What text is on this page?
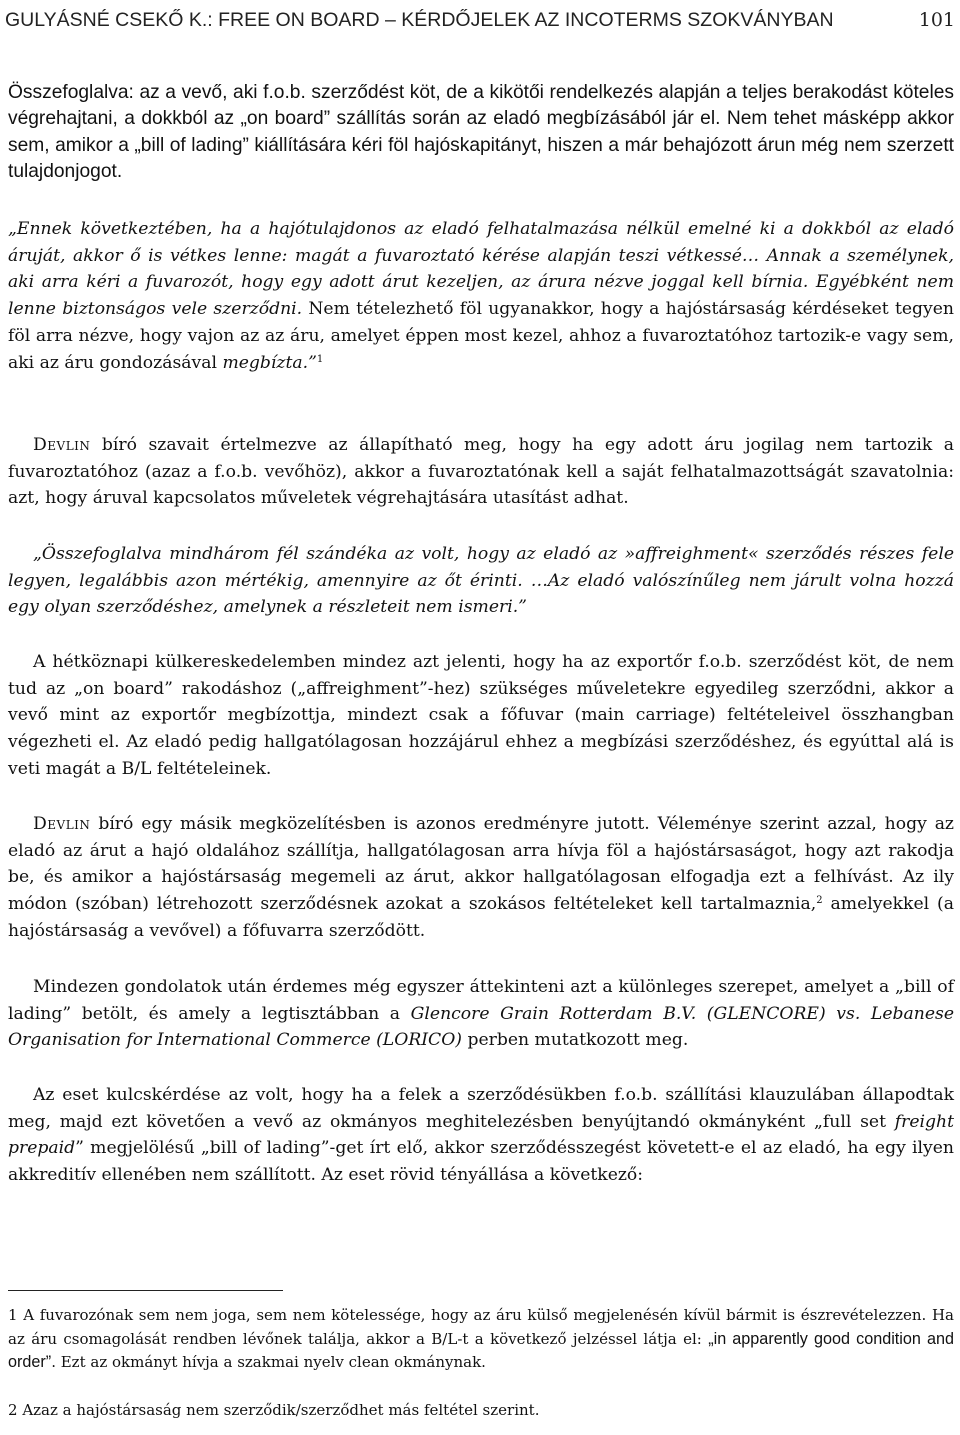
GULYÁSNÉ CSEKŐ K.: FREE ON BOARD – KÉRDŐJELEK AZ INCOTERMS SZOKVÁNYBAN	101

Összefoglalva: az a vevő, aki f.o.b. szerződést köt, de a kikötői rendelkezés alapján a teljes berakodást köteles végrehajtani, a dokkból az „on board” szállítás során az eladó megbízásából jár el. Nem tehet másképp akkor sem, amikor a „bill of lading” kiállítására kéri föl hajóskapitányt, hiszen a már behajózott árun még nem szerzett tulajdonjogot.

„Ennek következtében, ha a hajótulajdonos az eladó felhatalmazása nélkül emelné ki a dokkból az eladó áruját, akkor ő is vétkes lenne: magát a fuvaroztató kérése alapján teszi vétkessé… Annak a személynek, aki arra kéri a fuvarozót, hogy egy adott árut kezeljen, az árura nézve joggal kell bírnia. Egyébként nem lenne biztonságos vele szerződni. Nem tételezhető föl ugyanakkor, hogy a hajóstársaság kérdéseket tegyen föl arra nézve, hogy vajon az az áru, amelyet éppen most kezel, ahhoz a fuvaroztatóhoz tartozik-e vagy sem, aki az áru gondozásával megbízta.”$^1$

Devlin bíró szavait értelmezve az állapítható meg, hogy ha egy adott áru jogilag nem tartozik a fuvaroztatóhoz (azaz a f.o.b. vevőhöz), akkor a fuvaroztatónak kell a saját felhatalmazottságát szavatolnia: azt, hogy áruval kapcsolatos műveletek végrehajtására utasítást adhat.

„Összefoglalva mindhárom fél szándéka az volt, hogy az eladó az »affreighment« szerződés részes fele legyen, legalábbis azon mértékig, amennyire az őt érinti. …Az eladó valószínűleg nem járult volna hozzá egy olyan szerződéshez, amelynek a részleteit nem ismeri.”

A hétköznapi külkereskedelemben mindez azt jelenti, hogy ha az exportőr f.o.b. szerződést köt, de nem tud az „on board” rakodáshoz („affreighment”-hez) szükséges műveletekre egyedileg szerződni, akkor a vevő mint az exportőr megbízottja, mindezt csak a főfuvar (main carriage) feltételeivel összhangban végezheti el. Az eladó pedig hallgatólagosan hozzájárul ehhez a megbízási szerződéshez, és egyúttal alá is veti magát a B/L feltételeinek.

Devlin bíró egy másik megközelítésben is azonos eredményre jutott. Véleménye szerint azzal, hogy az eladó az árut a hajó oldalához szállítja, hallgatólagosan arra hívja föl a hajóstársaságot, hogy azt rakodja be, és amikor a hajóstársaság megemeli az árut, akkor hallgatólagosan elfogadja ezt a felhívást. Az ily módon (szóban) létrehozott szerződésnek azokat a szokásos feltételeket kell tartalmaznia,$^2$ amelyekkel (a hajóstársaság a vevővel) a főfuvarra szerződött.

Mindezen gondolatok után érdemes még egyszer áttekinteni azt a különleges szerepet, amelyet a „bill of lading” betölt, és amely a legtisztábban a Glencore Grain Rotterdam B.V. (GLENCORE) vs. Lebanese Organisation for International Commerce (LORICO) perben mutatkozott meg.

Az eset kulcskérdése az volt, hogy ha a felek a szerződésükben f.o.b. szállítási klauzulában állapodtak meg, majd ezt követően a vevő az okmányos meghitelezésben benyújtandó okmányként „full set freight prepaid” megjelölésű „bill of lading”-get írt elő, akkor szerződésszegést követett-e el az eladó, ha egy ilyen akkreditív ellenében nem szállított. Az eset rövid tényállása a következő:

1 A fuvarozónak sem nem joga, sem nem kötelessége, hogy az áru külső megjelenésén kívül bármit is észrevételezzen. Ha az áru csomagolását rendben lévőnek találja, akkor a B/L-t a következő jelzéssel látja el: „in apparently good condition and order”. Ezt az okmányt hívja a szakmai nyelv clean okmánynak.

2 Azaz a hajóstársaság nem szerződik/szerződhet más feltétel szerint.
